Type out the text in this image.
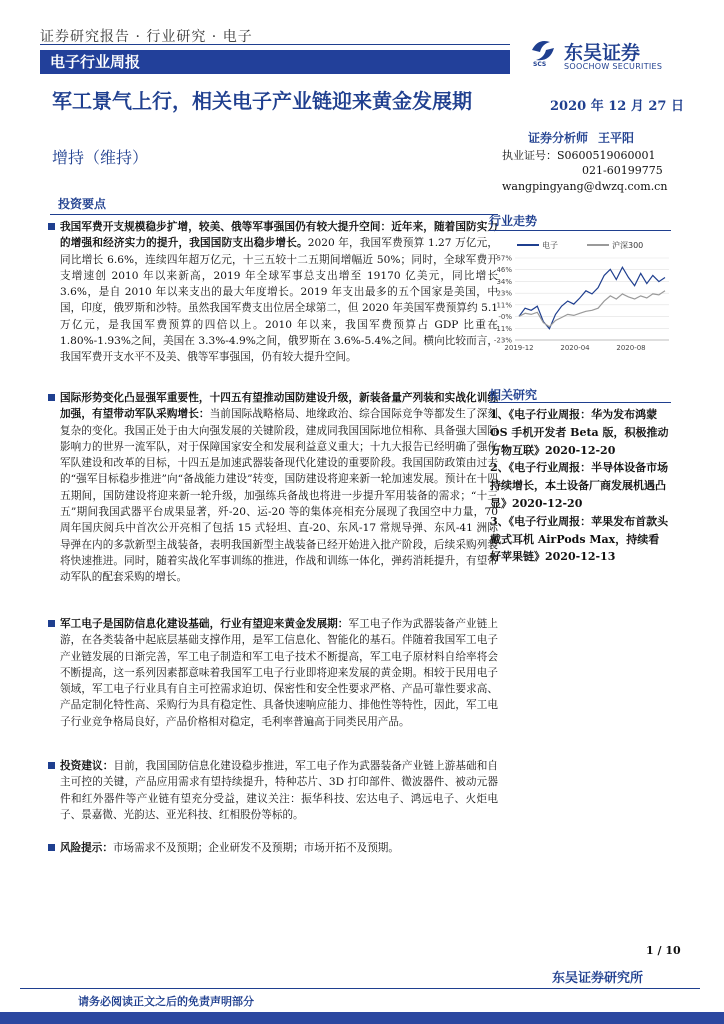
证券研究报告 · 行业研究 · 电子
电子行业周报	SCS
东吴证券
SOOCHOW SECURITIES
军工景气上行，相关电子产业链迎来黄金发展期
增持（维持）
2020 年 12 月 27 日
证券分析师 王平阳
执业证号：S0600519060001
021-60199775
wangpingyang@dwzq.com.cn
投资要点
我国军费开支规模稳步扩增，较美、俄等军事强国仍有较大提升空间：近年来，随着国防实力的增强和经济实力的提升，我国国防支出稳步增长。2020 年，我国军费预算 1.27 万亿元，同比增长 6.6%，连续四年超万亿元，十三五较十二五期间增幅近 50%；同时，全球军费开支增速创 2010 年以来新高，2019 年全球军事总支出增至 19170 亿美元，同比增长 3.6%，是自 2010 年以来支出的最大年度增长。2019 年支出最多的五个国家是美国，中国，印度，俄罗斯和沙特。虽然我国军费支出位居全球第二，但 2020 年美国军费预算约 5.1 万亿元，是我国军费预算的四倍以上。2010 年以来，我国军费预算占 GDP 比重在 1.80%-1.93%之间，美国在 3.3%-4.9%之间，俄罗斯在 3.6%-5.4%之间。横向比较而言，我国军费开支水平不及美、俄等军事强国，仍有较大提升空间。
国际形势变化凸显强军重要性，十四五有望推动国防建设升级，新装备量产列装和实战化训练加强，有望带动军队采购增长：当前国际战略格局、地缘政治、综合国际竞争等都发生了深刻复杂的变化。我国正处于由大向强发展的关键阶段，建成同我国国际地位相称、具备强大国际影响力的世界一流军队，对于保障国家安全和发展利益意义重大；十九大报告已经明确了强化军队建设和改革的目标，十四五是加速武器装备现代化建设的重要阶段。我国国防政策由过去的“强军目标稳步推进”向“备战能力建设”转变，国防建设将迎来新一轮加速发展。预计在十四五期间，国防建设将迎来新一轮升级，加强练兵备战也将进一步提升军用装备的需求；“十三五”期间我国武器平台成果显著，歼-20、运-20 等的集体亮相充分展现了我国空中力量，70 周年国庆阅兵中首次公开亮相了包括 15 式轻坦、直-20、东风-17 常规导弹、东风-41 洲际导弹在内的多款新型主战装备，表明我国新型主战装备已经开始进入批产阶段，后续采购列装将快速推进。同时，随着实战化军事训练的推进，作战和训练一体化，弹药消耗提升，有望带动军队的配套采购的增长。
军工电子是国防信息化建设基础，行业有望迎来黄金发展期：军工电子作为武器装备产业链上游，在各类装备中起底层基础支撑作用，是军工信息化、智能化的基石。伴随着我国军工电子产业链发展的日渐完善，军工电子制造和军工电子技术不断提高，军工电子原材料自给率将会不断提高，这一系列因素都意味着我国军工电子行业即将迎来发展的黄金期。相较于民用电子领域，军工电子行业具有自主可控需求迫切、保密性和安全性要求严格、产品可靠性要求高、产品定制化特性高、采购行为具有稳定性、具备快速响应能力、排他性等特性，因此，军工电子行业竞争格局良好，产品价格相对稳定，毛利率普遍高于同类民用产品。
投资建议：目前，我国国防信息化建设稳步推进，军工电子作为武器装备产业链上游基础和自主可控的关键，产品应用需求有望持续提升，特种芯片、3D 打印部件、微波器件、被动元器件和红外器件等产业链有望充分受益，建议关注：振华科技、宏达电子、鸿远电子、火炬电子、景嘉微、光韵达、亚光科技、红相股份等标的。
风险提示：市场需求不及预期；企业研发不及预期；市场开拓不及预期。
行业走势
电子	沪深300
57%
46%
34%
23%
11%
-0%
-11%
-23%
2019-12	2020-04	2020-08
相关研究
1、《电子行业周报：华为发布鸿蒙 OS 手机开发者 Beta 版，积极推动万物互联》2020-12-20
2、《电子行业周报：半导体设备市场持续增长，本土设备厂商发展机遇凸显》2020-12-20
3、《电子行业周报：苹果发布首款头戴式耳机 AirPods Max，持续看好苹果链》2020-12-13
1 / 10
东吴证券研究所
请务必阅读正文之后的免责声明部分
